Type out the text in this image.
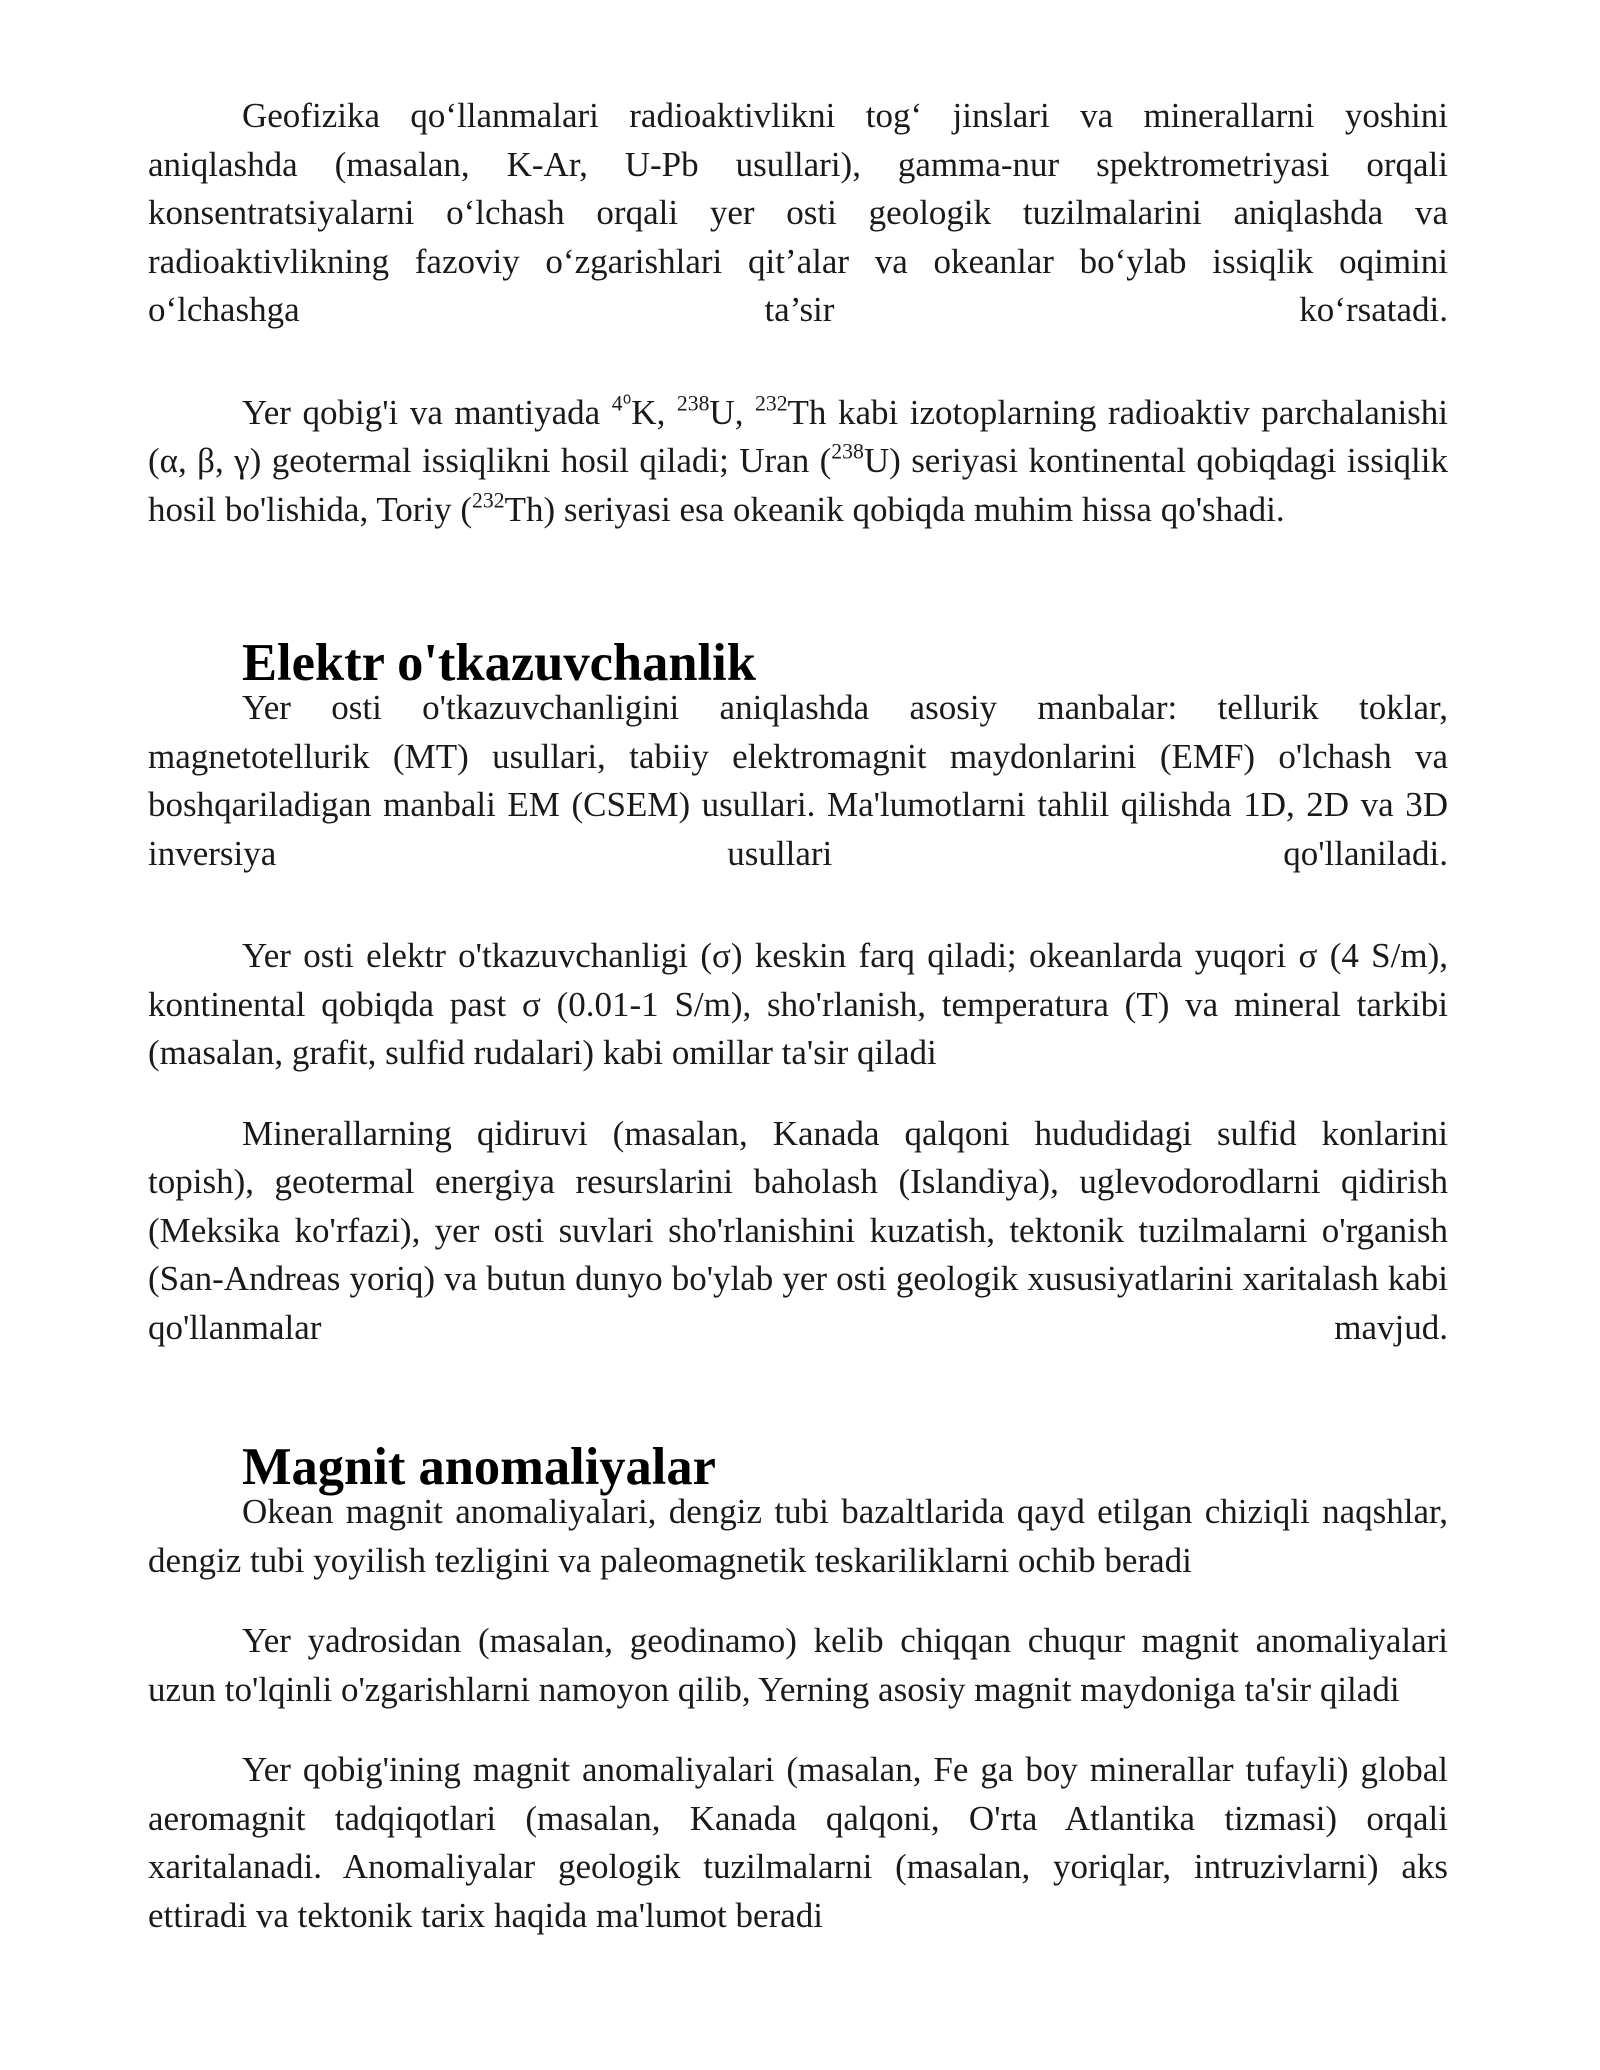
Geofizika qo‘llanmalari radioaktivlikni tog‘ jinslari va minerallarni yoshini aniqlashda (masalan, K-Ar, U-Pb usullari), gamma-nur spektrometriyasi orqali konsentratsiyalarni o‘lchash orqali yer osti geologik tuzilmalarini aniqlashda va radioaktivlikning fazoviy o‘zgarishlari qit’alar va okeanlar bo‘ylab issiqlik oqimini o‘lchashga ta’sir ko‘rsatadi.

Yer qobig'i va mantiyada $^{4^0}$K, $^{238}$U, $^{232}$Th kabi izotoplarning radioaktiv parchalanishi (α, β, γ) geotermal issiqlikni hosil qiladi; Uran ($^{238}$U) seriyasi kontinental qobiqdagi issiqlik hosil bo'lishida, Toriy ($^{232}$Th) seriyasi esa okeanik qobiqda muhim hissa qo'shadi.

Elektr o'tkazuvchanlik

Yer osti o'tkazuvchanligini aniqlashda asosiy manbalar: tellurik toklar, magnetotellurik (MT) usullari, tabiiy elektromagnit maydonlarini (EMF) o'lchash va boshqariladigan manbali EM (CSEM) usullari. Ma'lumotlarni tahlil qilishda 1D, 2D va 3D inversiya usullari qo'llaniladi.

Yer osti elektr o'tkazuvchanligi (σ) keskin farq qiladi; okeanlarda yuqori σ (4 S/m), kontinental qobiqda past σ (0.01-1 S/m), sho'rlanish, temperatura (T) va mineral tarkibi (masalan, grafit, sulfid rudalari) kabi omillar ta'sir qiladi

Minerallarning qidiruvi (masalan, Kanada qalqoni hududidagi sulfid konlarini topish), geotermal energiya resurslarini baholash (Islandiya), uglevodorodlarni qidirish (Meksika ko'rfazi), yer osti suvlari sho'rlanishini kuzatish, tektonik tuzilmalarni o'rganish (San-Andreas yoriq) va butun dunyo bo'ylab yer osti geologik xususiyatlarini xaritalash kabi qo'llanmalar mavjud.

Magnit anomaliyalar

Okean magnit anomaliyalari, dengiz tubi bazaltlarida qayd etilgan chiziqli naqshlar, dengiz tubi yoyilish tezligini va paleomagnetik teskariliklarni ochib beradi

Yer yadrosidan (masalan, geodinamo) kelib chiqqan chuqur magnit anomaliyalari uzun to'lqinli o'zgarishlarni namoyon qilib, Yerning asosiy magnit maydoniga ta'sir qiladi

Yer qobig'ining magnit anomaliyalari (masalan, Fe ga boy minerallar tufayli) global aeromagnit tadqiqotlari (masalan, Kanada qalqoni, O'rta Atlantika tizmasi) orqali xaritalanadi. Anomaliyalar geologik tuzilmalarni (masalan, yoriqlar, intruzivlarni) aks ettiradi va tektonik tarix haqida ma'lumot beradi
